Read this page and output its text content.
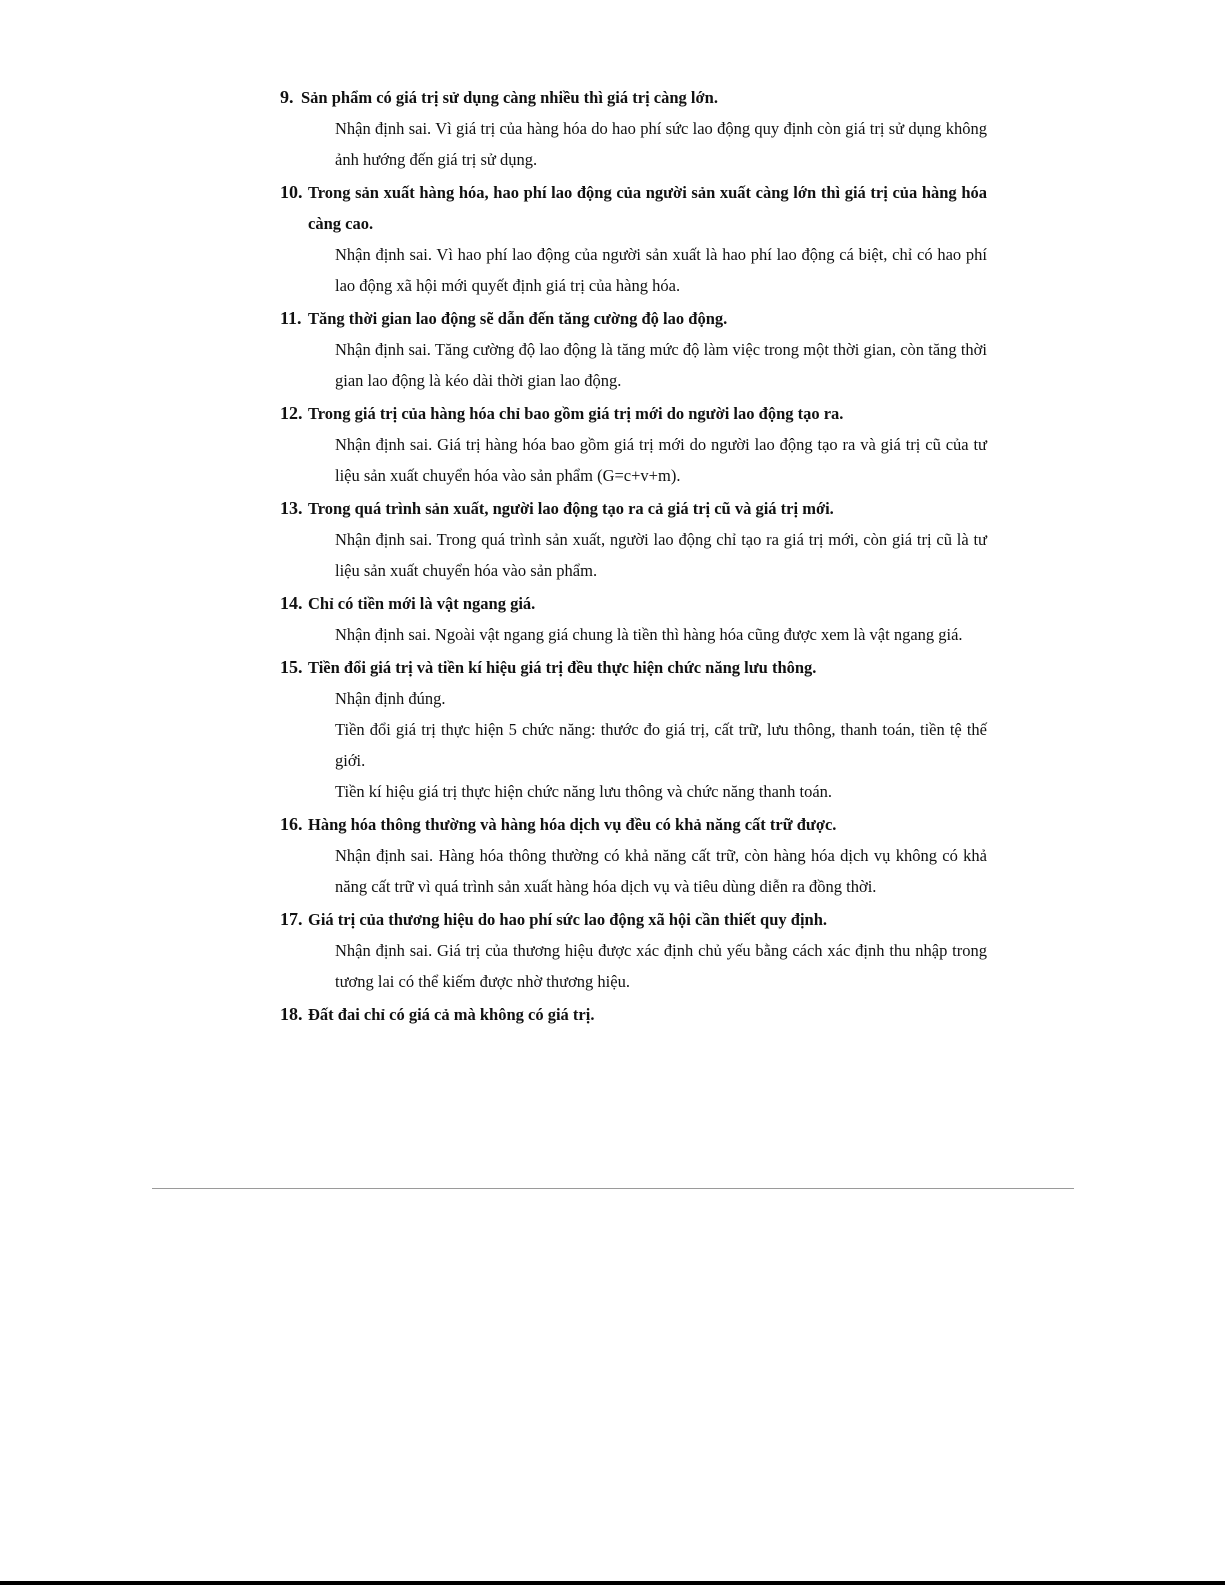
9. Sản phẩm có giá trị sử dụng càng nhiều thì giá trị càng lớn.

Nhận định sai. Vì giá trị của hàng hóa do hao phí sức lao động quy định còn giá trị sử dụng không ảnh hướng đến giá trị sử dụng.

10. Trong sản xuất hàng hóa, hao phí lao động của người sản xuất càng lớn thì giá trị của hàng hóa càng cao.

Nhận định sai. Vì hao phí lao động của người sản xuất là hao phí lao động cá biệt, chỉ có hao phí lao động xã hội mới quyết định giá trị của hàng hóa.

11. Tăng thời gian lao động sẽ dẫn đến tăng cường độ lao động.

Nhận định sai. Tăng cường độ lao động là tăng mức độ làm việc trong một thời gian, còn tăng thời gian lao động là kéo dài thời gian lao động.

12. Trong giá trị của hàng hóa chỉ bao gồm giá trị mới do người lao động tạo ra.

Nhận định sai. Giá trị hàng hóa bao gồm giá trị mới do người lao động tạo ra và giá trị cũ của tư liệu sản xuất chuyển hóa vào sản phẩm (G=c+v+m).

13. Trong quá trình sản xuất, người lao động tạo ra cả giá trị cũ và giá trị mới.

Nhận định sai. Trong quá trình sản xuất, người lao động chỉ tạo ra giá trị mới, còn giá trị cũ là tư liệu sản xuất chuyển hóa vào sản phẩm.

14. Chỉ có tiền mới là vật ngang giá.

Nhận định sai. Ngoài vật ngang giá chung là tiền thì hàng hóa cũng được xem là vật ngang giá.

15. Tiền đổi giá trị và tiền kí hiệu giá trị đều thực hiện chức năng lưu thông.

Nhận định đúng.

Tiền đổi giá trị thực hiện 5 chức năng: thước đo giá trị, cất trữ, lưu thông, thanh toán, tiền tệ thế giới.

Tiền kí hiệu giá trị thực hiện chức năng lưu thông và chức năng thanh toán.

16. Hàng hóa thông thường và hàng hóa dịch vụ đều có khả năng cất trữ được.

Nhận định sai. Hàng hóa thông thường có khả năng cất trữ, còn hàng hóa dịch vụ không có khả năng cất trữ vì quá trình sản xuất hàng hóa dịch vụ và tiêu dùng diễn ra đồng thời.

17. Giá trị của thương hiệu do hao phí sức lao động xã hội cần thiết quy định.

Nhận định sai. Giá trị của thương hiệu được xác định chủ yếu bằng cách xác định thu nhập trong tương lai có thể kiếm được nhờ thương hiệu.

18. Đất đai chỉ có giá cả mà không có giá trị.
